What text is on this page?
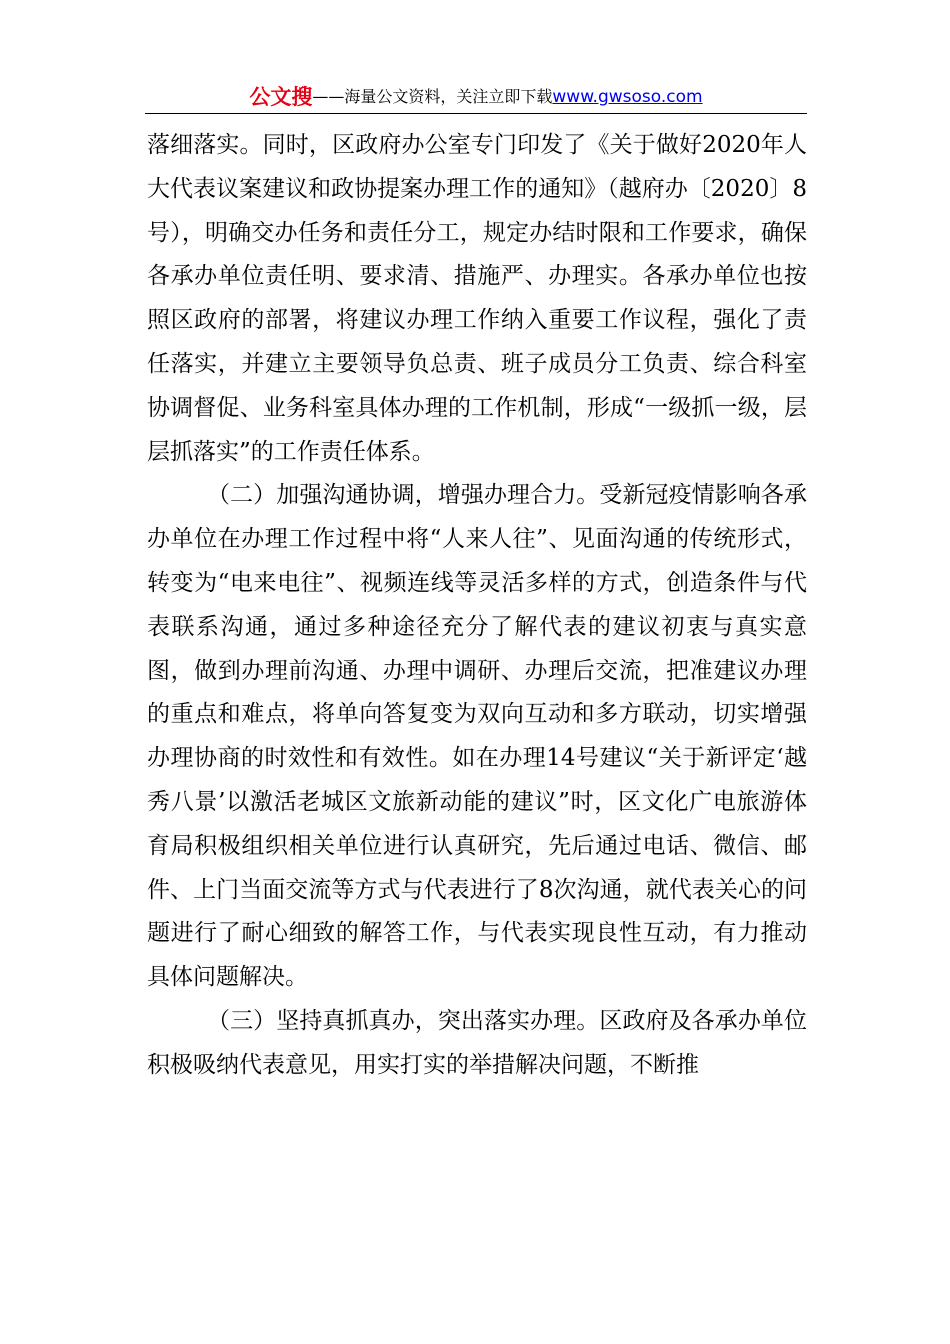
公文搜 ——海量公文资料，关注立即下载 www.gwsoso.com

落细落实。同时，区政府办公室专门印发了《关于做好2020年人大代表议案建议和政协提案办理工作的通知》（越府办〔2020〕8号），明确交办任务和责任分工，规定办结时限和工作要求，确保各承办单位责任明、要求清、措施严、办理实。各承办单位也按照区政府的部署，将建议办理工作纳入重要工作议程，强化了责任落实，并建立主要领导负总责、班子成员分工负责、综合科室协调督促、业务科室具体办理的工作机制，形成“一级抓一级，层层抓落实”的工作责任体系。

（二）加强沟通协调，增强办理合力。受新冠疫情影响各承办单位在办理工作过程中将“人来人往”、见面沟通的传统形式，转变为“电来电往”、视频连线等灵活多样的方式，创造条件与代表联系沟通，通过多种途径充分了解代表的建议初衷与真实意图，做到办理前沟通、办理中调研、办理后交流，把准建议办理的重点和难点，将单向答复变为双向互动和多方联动，切实增强办理协商的时效性和有效性。如在办理14号建议“关于新评定‘越秀八景’以激活老城区文旅新动能的建议”时，区文化广电旅游体育局积极组织相关单位进行认真研究，先后通过电话、微信、邮件、上门当面交流等方式与代表进行了8次沟通，就代表关心的问题进行了耐心细致的解答工作，与代表实现良性互动，有力推动具体问题解决。

（三）坚持真抓真办，突出落实办理。区政府及各承办单位积极吸纳代表意见，用实打实的举措解决问题，不断推
